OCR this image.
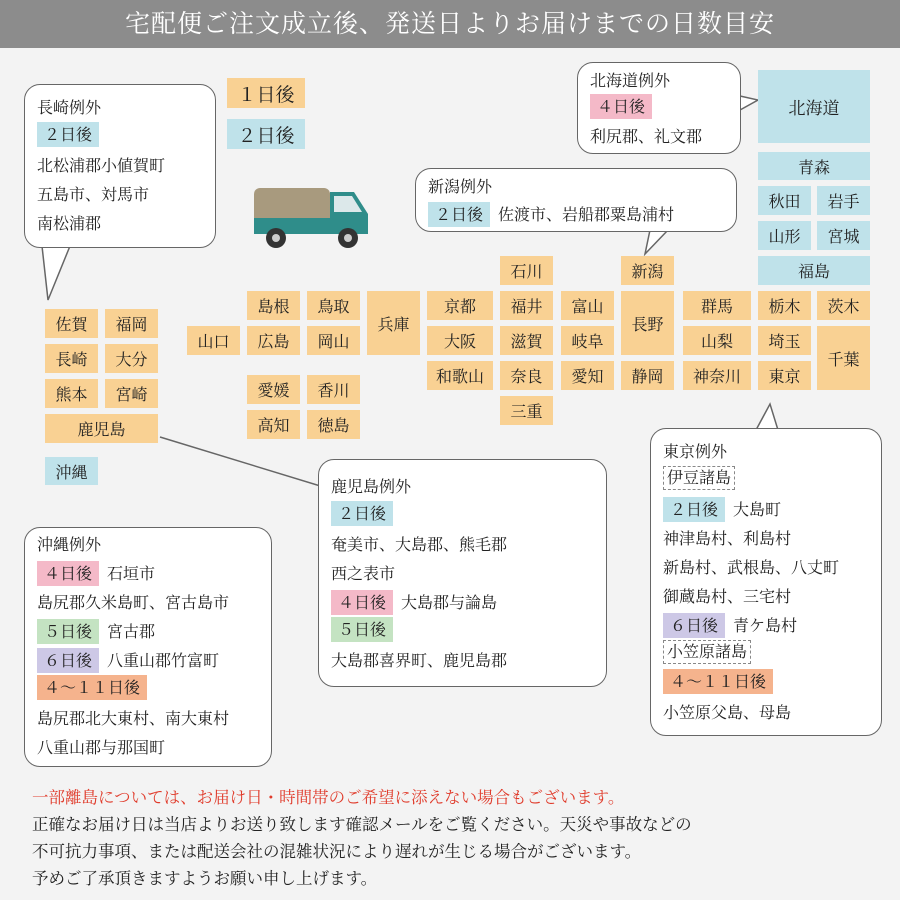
宅配便ご注文成立後、発送日よりお届けまでの日数目安
１日後
２日後
北海道
青森
秋田	岩手
山形	宮城
福島
栃木	茨木
埼玉
千葉
東京
群馬
山梨
神奈川
新潟
長野
静岡
石川
福井
滋賀
奈良
三重
富山
岐阜
愛知
京都
大阪
和歌山
兵庫
島根	鳥取
広島	岡山
山口
愛媛	香川
高知	徳島
佐賀	福岡
長崎	大分
熊本	宮崎
鹿児島
沖縄
長崎例外
２日後
北松浦郡小値賀町
五島市、対馬市
南松浦郡
北海道例外
４日後
利尻郡、礼文郡
新潟例外
２日後 佐渡市、岩船郡粟島浦村
鹿児島例外
２日後
奄美市、大島郡、熊毛郡
西之表市
４日後 大島郡与論島
５日後
大島郡喜界町、鹿児島郡
沖縄例外
４日後 石垣市
島尻郡久米島町、宮古島市
５日後 宮古郡
６日後 八重山郡竹富町
４～１１日後
島尻郡北大東村、南大東村
八重山郡与那国町
東京例外
伊豆諸島
２日後 大島町
神津島村、利島村
新島村、武根島、八丈町
御蔵島村、三宅村
６日後 青ケ島村
小笠原諸島
４～１１日後
小笠原父島、母島
一部離島については、お届け日・時間帯のご希望に添えない場合もございます。
正確なお届け日は当店よりお送り致します確認メールをご覧ください。天災や事故などの
不可抗力事項、または配送会社の混雑状況により遅れが生じる場合がございます。
予めご了承頂きますようお願い申し上げます。
